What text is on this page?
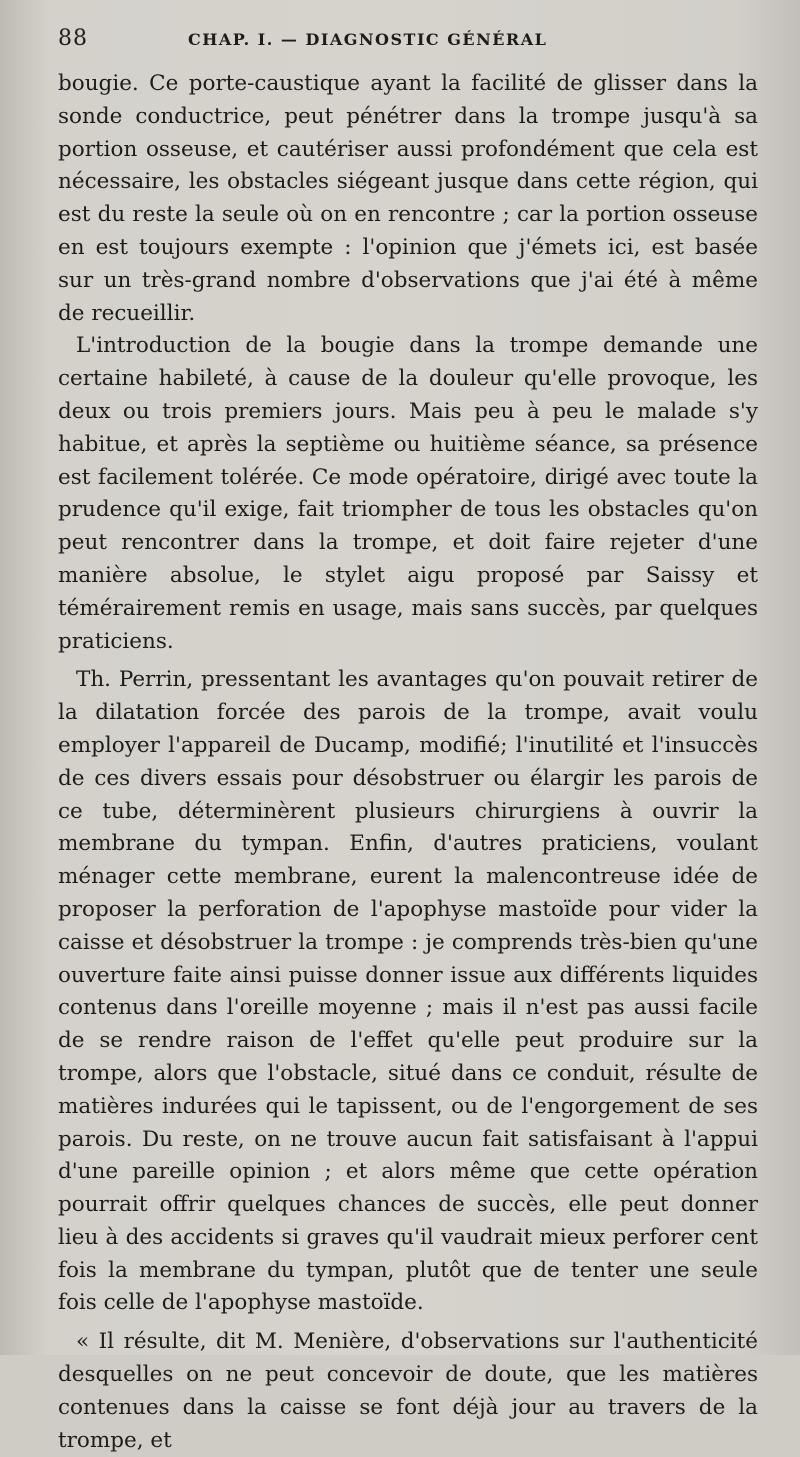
88	CHAP. I. — DIAGNOSTIC GÉNÉRAL

bougie. Ce porte-caustique ayant la facilité de glisser dans la sonde conductrice, peut pénétrer dans la trompe jusqu'à sa portion osseuse, et cautériser aussi profondément que cela est nécessaire, les obstacles siégeant jusque dans cette région, qui est du reste la seule où on en rencontre ; car la portion osseuse en est toujours exempte : l'opinion que j'émets ici, est basée sur un très-grand nombre d'observations que j'ai été à même de recueillir.

L'introduction de la bougie dans la trompe demande une certaine habileté, à cause de la douleur qu'elle provoque, les deux ou trois premiers jours. Mais peu à peu le malade s'y habitue, et après la septième ou huitième séance, sa présence est facilement tolérée. Ce mode opératoire, dirigé avec toute la prudence qu'il exige, fait triompher de tous les obstacles qu'on peut rencontrer dans la trompe, et doit faire rejeter d'une manière absolue, le stylet aigu proposé par Saissy et témérairement remis en usage, mais sans succès, par quelques praticiens.

Th. Perrin, pressentant les avantages qu'on pouvait retirer de la dilatation forcée des parois de la trompe, avait voulu employer l'appareil de Ducamp, modifié; l'inutilité et l'insuccès de ces divers essais pour désobstruer ou élargir les parois de ce tube, déterminèrent plusieurs chirurgiens à ouvrir la membrane du tympan. Enfin, d'autres praticiens, voulant ménager cette membrane, eurent la malencontreuse idée de proposer la perforation de l'apophyse mastoïde pour vider la caisse et désobstruer la trompe : je comprends très-bien qu'une ouverture faite ainsi puisse donner issue aux différents liquides contenus dans l'oreille moyenne ; mais il n'est pas aussi facile de se rendre raison de l'effet qu'elle peut produire sur la trompe, alors que l'obstacle, situé dans ce conduit, résulte de matières indurées qui le tapissent, ou de l'engorgement de ses parois. Du reste, on ne trouve aucun fait satisfaisant à l'appui d'une pareille opinion ; et alors même que cette opération pourrait offrir quelques chances de succès, elle peut donner lieu à des accidents si graves qu'il vaudrait mieux perforer cent fois la membrane du tympan, plutôt que de tenter une seule fois celle de l'apophyse mastoïde.

« Il résulte, dit M. Menière, d'observations sur l'authenticité desquelles on ne peut concevoir de doute, que les matières contenues dans la caisse se font déjà jour au travers de la trompe, et
